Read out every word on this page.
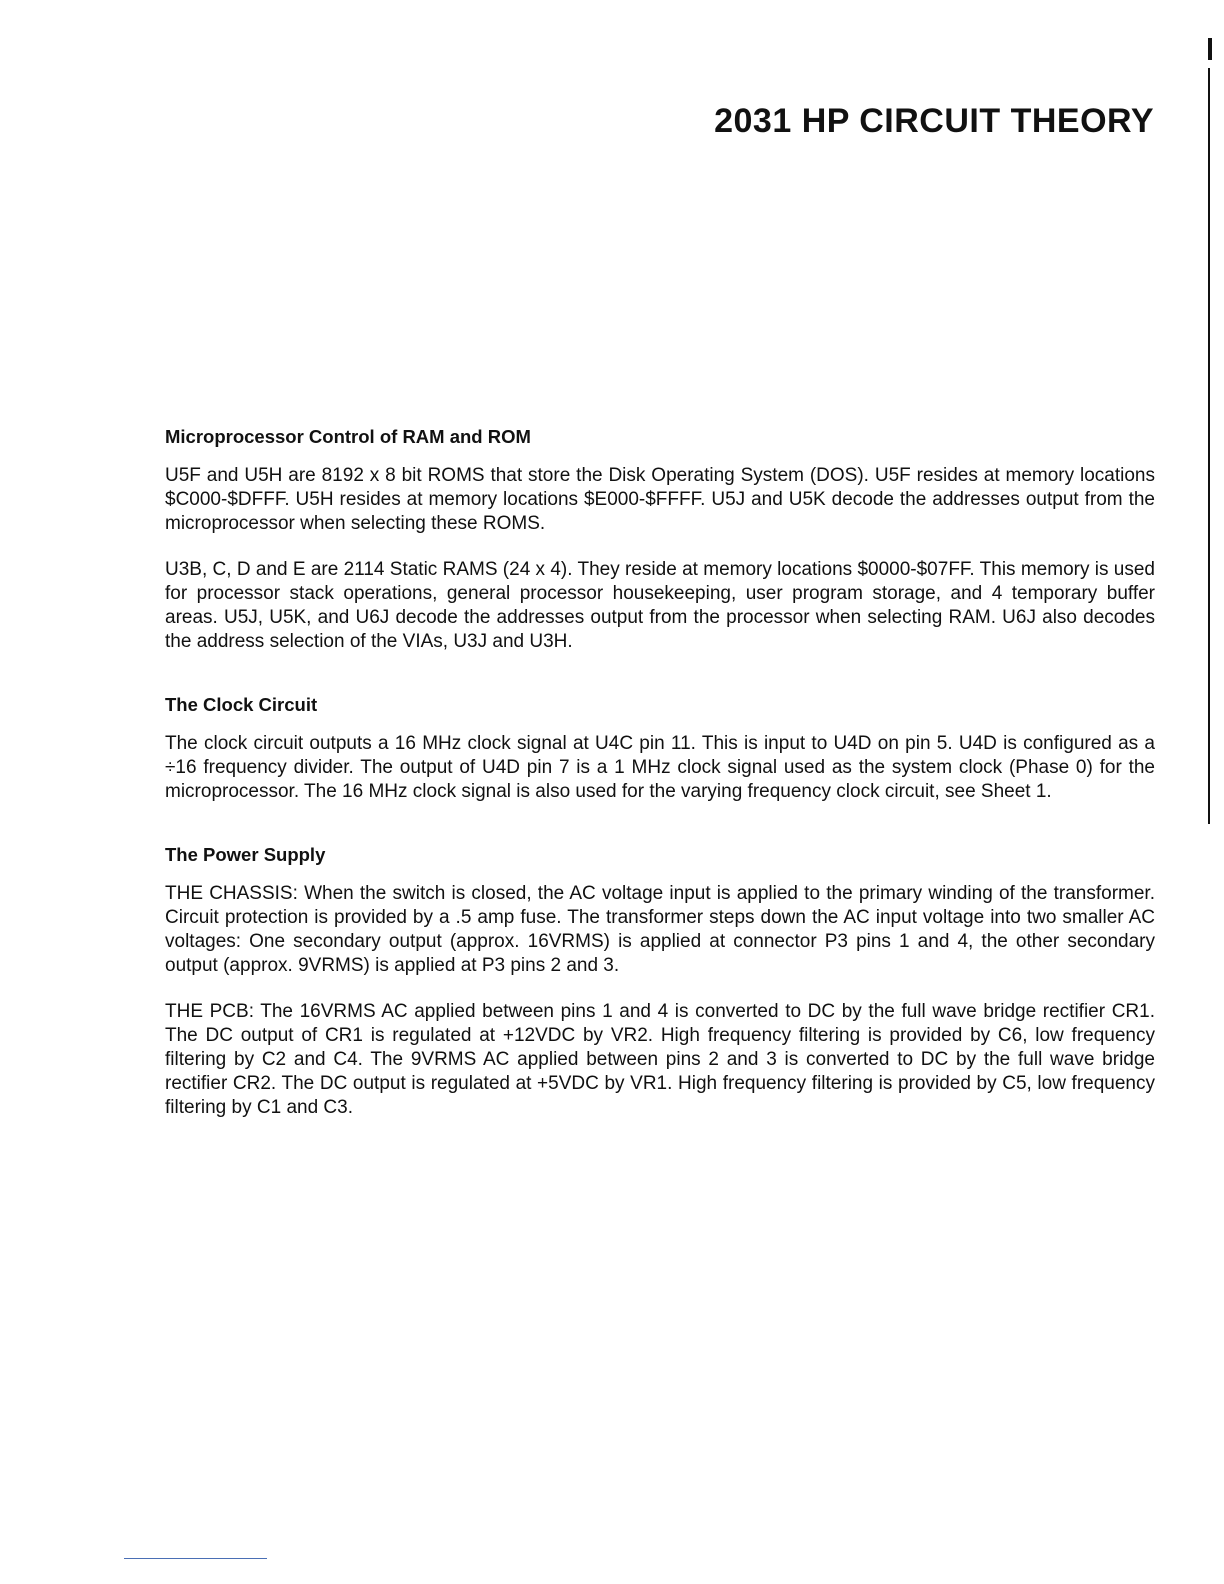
2031 HP CIRCUIT THEORY
Microprocessor Control of RAM and ROM

U5F and U5H are 8192 x 8 bit ROMS that store the Disk Operating System (DOS). U5F resides at memory locations $C000-$DFFF. U5H resides at memory locations $E000-$FFFF. U5J and U5K decode the addresses output from the microprocessor when selecting these ROMS.

U3B, C, D and E are 2114 Static RAMS (24 x 4). They reside at memory locations $0000-$07FF. This memory is used for processor stack operations, general processor housekeeping, user program storage, and 4 temporary buffer areas. U5J, U5K, and U6J decode the addresses output from the processor when selecting RAM. U6J also decodes the address selection of the VIAs, U3J and U3H.

The Clock Circuit

The clock circuit outputs a 16 MHz clock signal at U4C pin 11. This is input to U4D on pin 5. U4D is configured as a ÷16 frequency divider. The output of U4D pin 7 is a 1 MHz clock signal used as the system clock (Phase 0) for the microprocessor. The 16 MHz clock signal is also used for the varying frequency clock circuit, see Sheet 1.

The Power Supply

THE CHASSIS: When the switch is closed, the AC voltage input is applied to the primary winding of the transformer. Circuit protection is provided by a .5 amp fuse. The transformer steps down the AC input voltage into two smaller AC voltages: One secondary output (approx. 16VRMS) is applied at connector P3 pins 1 and 4, the other secondary output (approx. 9VRMS) is applied at P3 pins 2 and 3.

THE PCB: The 16VRMS AC applied between pins 1 and 4 is converted to DC by the full wave bridge rectifier CR1. The DC output of CR1 is regulated at +12VDC by VR2. High frequency filtering is provided by C6, low frequency filtering by C2 and C4. The 9VRMS AC applied between pins 2 and 3 is converted to DC by the full wave bridge rectifier CR2. The DC output is regulated at +5VDC by VR1. High frequency filtering is provided by C5, low frequency filtering by C1 and C3.
